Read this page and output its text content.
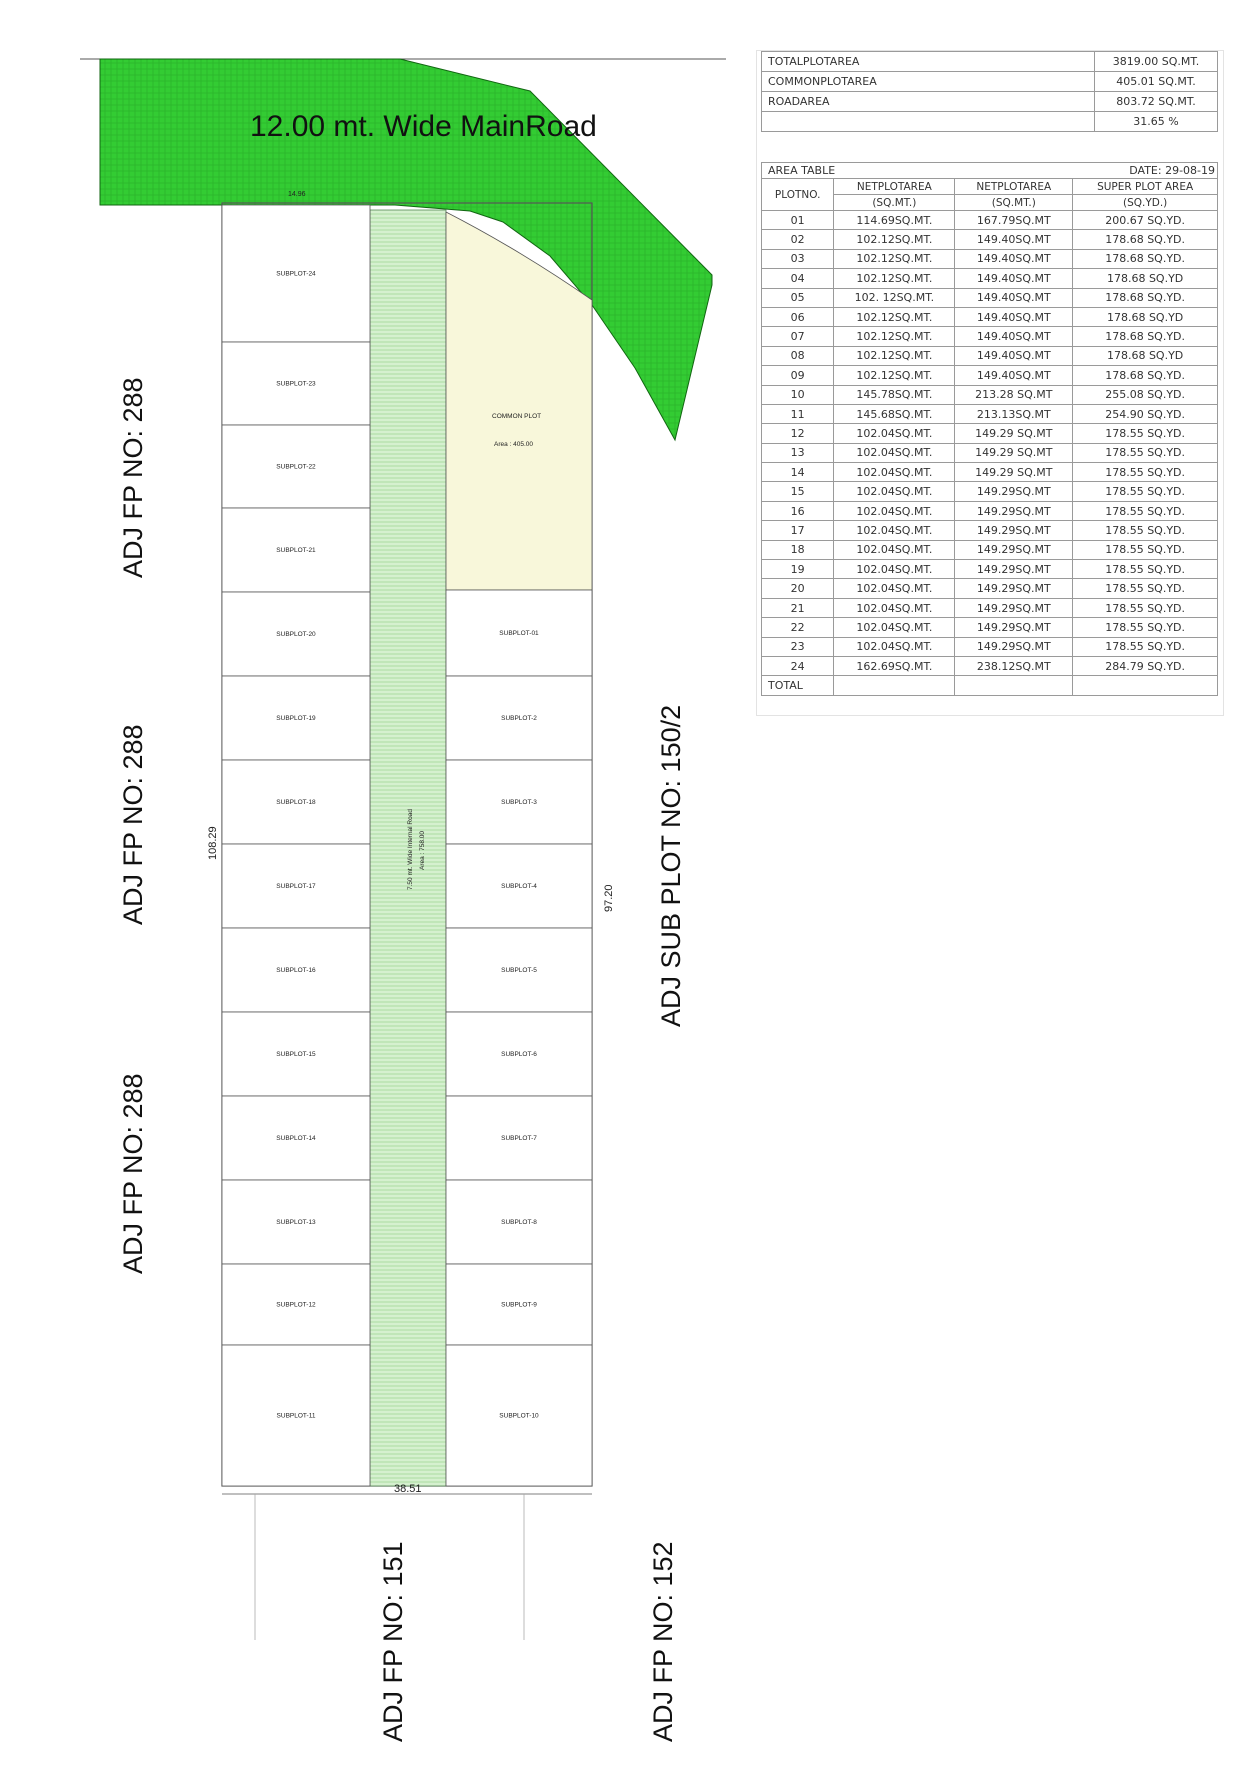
12.00 mt. Wide MainRoad
7.50 mt. Wide Internal Road Area : 758.00
COMMON PLOT
Area : 405.00
SUBPLOT-24
SUBPLOT-23
SUBPLOT-22
SUBPLOT-21
SUBPLOT-20
SUBPLOT-19
SUBPLOT-18
SUBPLOT-17
SUBPLOT-16
SUBPLOT-15
SUBPLOT-14
SUBPLOT-13
SUBPLOT-12
SUBPLOT-11
SUBPLOT-01
SUBPLOT-2
SUBPLOT-3
SUBPLOT-4
SUBPLOT-5
SUBPLOT-6
SUBPLOT-7
SUBPLOT-8
SUBPLOT-9
SUBPLOT-10
14.96
108.29
97.20
38.51
ADJ FP NO: 288
ADJ FP NO: 288
ADJ FP NO: 288
ADJ SUB PLOT NO: 150/2
ADJ FP NO: 151	ADJ FP NO: 152
TOTALPLOTAREA	3819.00 SQ.MT.
COMMONPLOTAREA	405.01 SQ.MT.
ROADAREA	803.72 SQ.MT.
	31.65 %
AREA TABLE	DATE: 29-08-19
PLOTNO.	NETPLOTAREA	NETPLOTAREA	SUPER PLOT AREA
	(SQ.MT.)	(SQ.MT.)	(SQ.YD.)
01	114.69SQ.MT.	167.79SQ.MT	200.67 SQ.YD.
02	102.12SQ.MT.	149.40SQ.MT	178.68 SQ.YD.
03	102.12SQ.MT.	149.40SQ.MT	178.68 SQ.YD.
04	102.12SQ.MT.	149.40SQ.MT	178.68 SQ.YD
05	102. 12SQ.MT.	149.40SQ.MT	178.68 SQ.YD.
06	102.12SQ.MT.	149.40SQ.MT	178.68 SQ.YD
07	102.12SQ.MT.	149.40SQ.MT	178.68 SQ.YD.
08	102.12SQ.MT.	149.40SQ.MT	178.68 SQ.YD
09	102.12SQ.MT.	149.40SQ.MT	178.68 SQ.YD.
10	145.78SQ.MT.	213.28 SQ.MT	255.08 SQ.YD.
11	145.68SQ.MT.	213.13SQ.MT	254.90 SQ.YD.
12	102.04SQ.MT.	149.29 SQ.MT	178.55 SQ.YD.
13	102.04SQ.MT.	149.29 SQ.MT	178.55 SQ.YD.
14	102.04SQ.MT.	149.29 SQ.MT	178.55 SQ.YD.
15	102.04SQ.MT.	149.29SQ.MT	178.55 SQ.YD.
16	102.04SQ.MT.	149.29SQ.MT	178.55 SQ.YD.
17	102.04SQ.MT.	149.29SQ.MT	178.55 SQ.YD.
18	102.04SQ.MT.	149.29SQ.MT	178.55 SQ.YD.
19	102.04SQ.MT.	149.29SQ.MT	178.55 SQ.YD.
20	102.04SQ.MT.	149.29SQ.MT	178.55 SQ.YD.
21	102.04SQ.MT.	149.29SQ.MT	178.55 SQ.YD.
22	102.04SQ.MT.	149.29SQ.MT	178.55 SQ.YD.
23	102.04SQ.MT.	149.29SQ.MT	178.55 SQ.YD.
24	162.69SQ.MT.	238.12SQ.MT	284.79 SQ.YD.
TOTAL			
